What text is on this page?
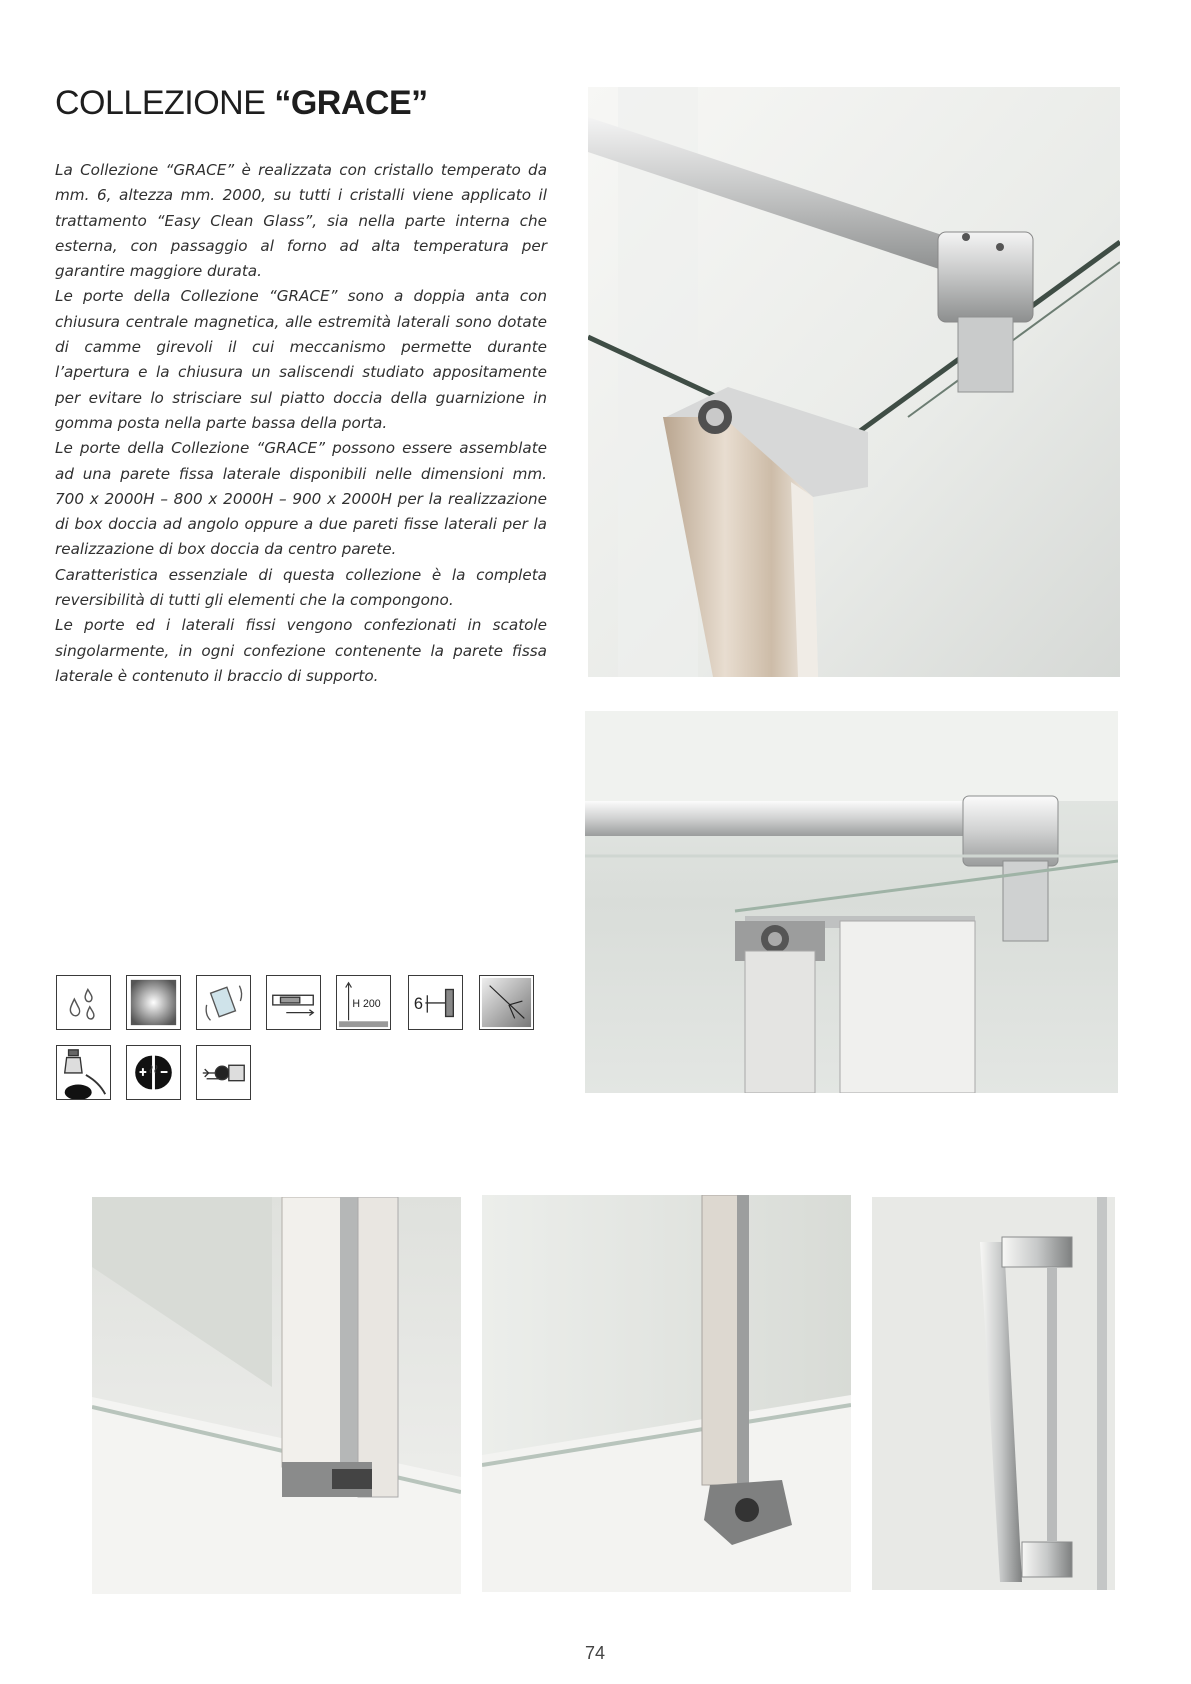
COLLEZIONE “GRACE”

La Collezione “GRACE” è realizzata con cristallo temperato da mm. 6, altezza mm. 2000, su tutti i cristalli viene applicato il trattamento “Easy Clean Glass”, sia nella parte interna che esterna, con passaggio al forno ad alta temperatura per garantire maggiore durata.

Le porte della Collezione “GRACE” sono a doppia anta con chiusura centrale magnetica, alle estremità laterali sono dotate di camme girevoli il cui meccanismo permette durante l’apertura e la chiusura un saliscendi studiato appositamente per evitare lo strisciare sul piatto doccia della guarnizione in gomma posta nella parte bassa della porta.

Le porte della Collezione “GRACE” possono essere assemblate ad una parete fissa laterale disponibili nelle dimensioni mm. 700 x 2000H – 800 x 2000H – 900 x 2000H per la realizzazione di box doccia ad angolo oppure a due pareti fisse laterali per la realizzazione di box doccia da centro parete.

Caratteristica essenziale di questa collezione è la completa reversibilità di tutti gli elementi che la compongono.

Le porte ed i laterali fissi vengono confezionati in scatole singolarmente, in ogni confezione contenente la parete fissa laterale è contenuto il braccio di supporto.

H 200 6
74
